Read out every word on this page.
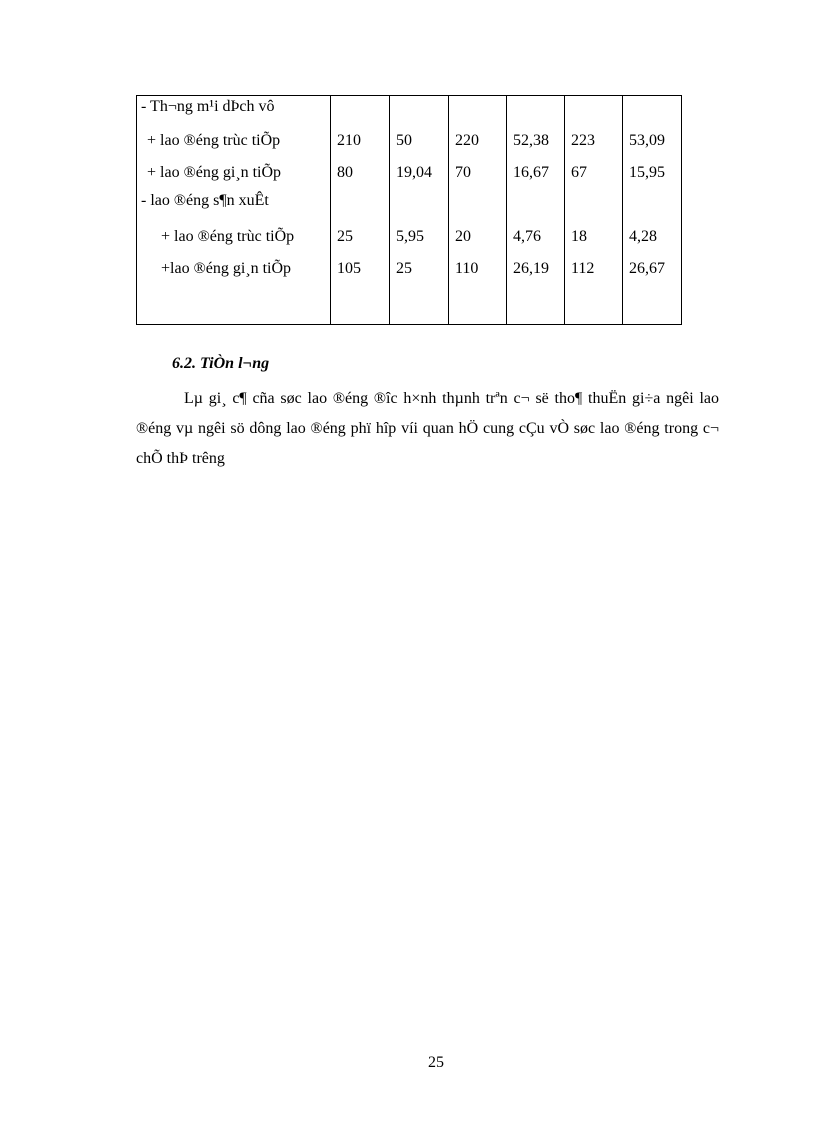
- Th¬ng m¹i dÞch vô						
+ lao ®éng trùc tiÕp	210	50	220	52,38	223	53,09
+ lao ®éng gi¸n tiÕp	80	19,04	70	16,67	67	15,95
- lao ®éng s¶n xuÊt						
+ lao ®éng trùc tiÕp	25	5,95	20	4,76	18	4,28
+lao ®éng gi¸n tiÕp	105	25	110	26,19	112	26,67

6.2. TiÒn l¬ng

Lµ gi¸ c¶ cña søc lao ®éng ®îc h×nh thµnh trªn c¬ së tho¶ thuËn gi÷a ngêi lao ®éng vµ ngêi sö dông lao ®éng phï hîp víi quan hÖ cung cÇu vÒ søc lao ®éng trong c¬ chÕ thÞ trêng

25
